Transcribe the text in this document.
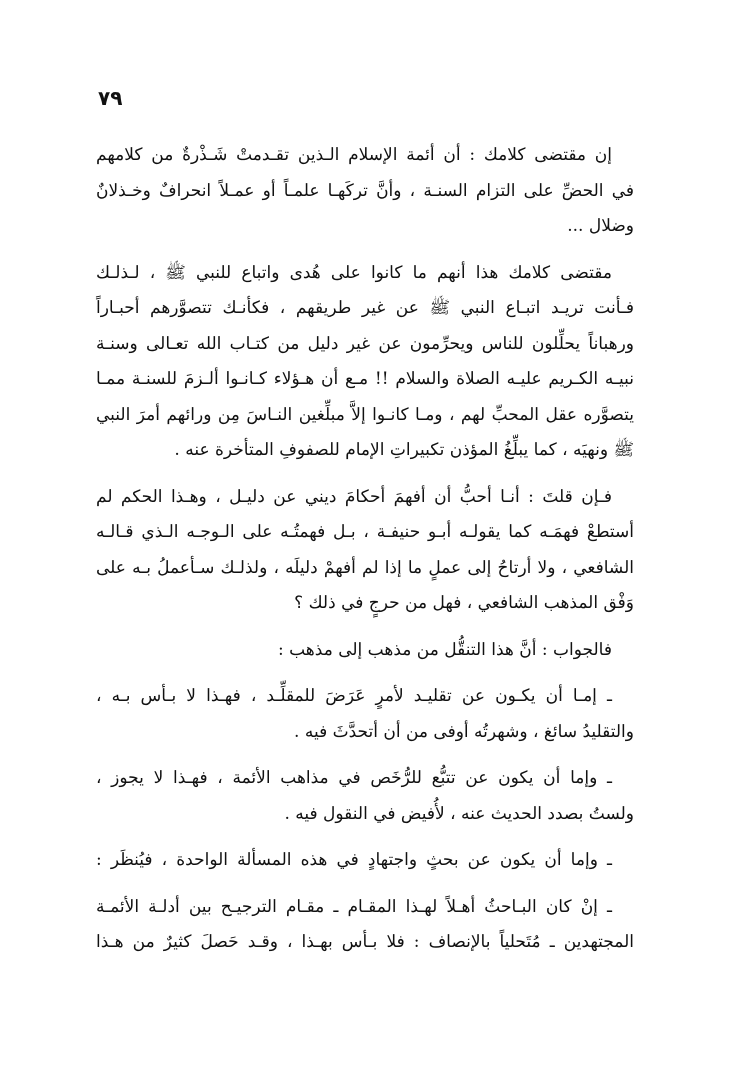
٧٩

إن مقتضى كلامك : أن أئمة الإسلام الـذين تقـدمتْ شَـذْرةٌ من كلامهم
في الحضِّ على التزام السنـة ، وأنَّ تركَهـا علمـاً أو عمـلاً انحرافٌ وخـذلانٌ
وضلال ...

مقتضى كلامك هذا أنهم ما كانوا على هُدى واتباع للنبي ﷺ ، لـذلـك
فـأنت تريـد اتبـاع النبي ﷺ عن غير طريقهم ، فكأنـك تتصوَّرهم أحبـاراً
ورهباناً يحلِّلون للناس ويحرِّمون عن غير دليل من كتـاب الله تعـالى وسنـة
نبيـه الكـريم عليـه الصلاة والسلام !! مـع أن هـؤلاء كـانـوا ألـزمَ للسنـة ممـا
يتصوَّره عقل المحبِّ لهم ، ومـا كانـوا إلاَّ مبلِّغين النـاسَ مِن ورائهم أمرَ النبي
ﷺ ونهيَه ، كما يبلِّغُ المؤذن تكبيراتِ الإمام للصفوفِ المتأخرة عنه .

فـإن قلتَ : أنـا أحبُّ أن أفهمَ أحكامَ ديني عن دليـل ، وهـذا الحكم لم
أستطعْ فهمَـه كما يقولـه أبـو حنيفـة ، بـل فهمتُـه على الـوجـه الـذي قـالـه
الشافعي ، ولا أرتاحُ إلى عملٍ ما إذا لم أفهمْ دليلَه ، ولذلـك سـأعملُ بـه على
وَفْق المذهب الشافعي ، فهل من حرجٍ في ذلك ؟

فالجواب : أنَّ هذا التنقُّل من مذهب إلى مذهب :

ـ إمـا أن يكـون عن تقليـد لأمرٍ عَرَضَ للمقلِّـد ، فهـذا لا بـأس بـه ،
والتقليدُ سائغ ، وشهرتُه أوفى من أن أتحدَّثَ فيه .

ـ وإما أن يكون عن تتبُّع للرُّخَص في مذاهب الأئمة ، فهـذا لا يجوز ،
ولستُ بصدد الحديث عنه ، لأُفيض في النقول فيه .

ـ وإما أن يكون عن بحثٍ واجتهادٍ في هذه المسألة الواحدة ، فيُنظَر :

ـ إنْ كان البـاحثُ أهـلاً لهـذا المقـام ـ مقـام الترجيـح بين أدلـة الأئمـة
المجتهدين ـ مُتَحلياً بالإنصاف : فلا بـأس بهـذا ، وقـد حَصلَ كثيرٌ من هـذا
